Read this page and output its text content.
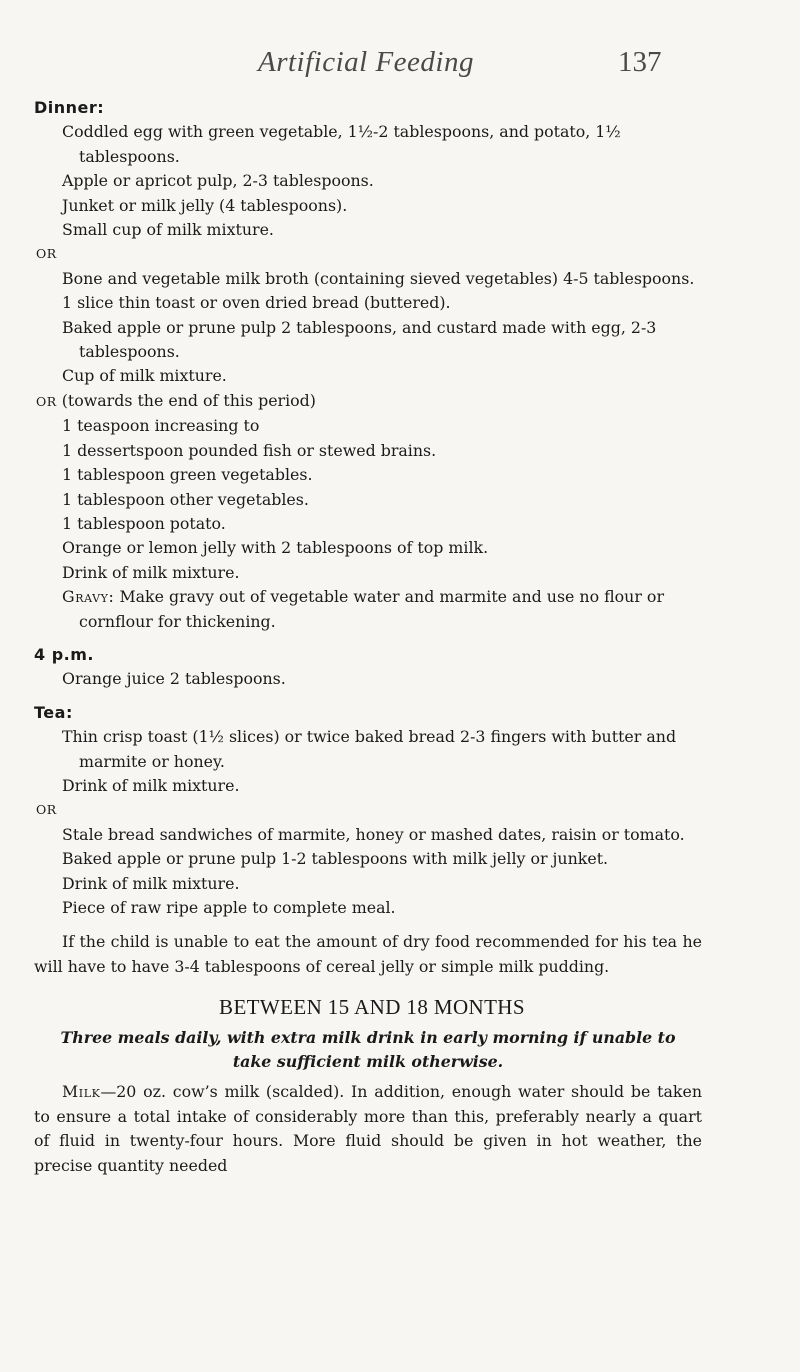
Artificial Feeding	137
Dinner:
Coddled egg with green vegetable, 1½-2 tablespoons, and potato, 1½ tablespoons.
Apple or apricot pulp, 2-3 tablespoons.
Junket or milk jelly (4 tablespoons).
Small cup of milk mixture.
OR
Bone and vegetable milk broth (containing sieved vegetables) 4-5 tablespoons.
1 slice thin toast or oven dried bread (buttered).
Baked apple or prune pulp 2 tablespoons, and custard made with egg, 2-3 tablespoons.
Cup of milk mixture.
OR (towards the end of this period)
1 teaspoon increasing to
1 dessertspoon pounded fish or stewed brains.
1 tablespoon green vegetables.
1 tablespoon other vegetables.
1 tablespoon potato.
Orange or lemon jelly with 2 tablespoons of top milk.
Drink of milk mixture.
Gravy: Make gravy out of vegetable water and marmite and use no flour or cornflour for thickening.
4 p.m.
Orange juice 2 tablespoons.
Tea:
Thin crisp toast (1½ slices) or twice baked bread 2-3 fingers with butter and marmite or honey.
Drink of milk mixture.
OR
Stale bread sandwiches of marmite, honey or mashed dates, raisin or tomato.
Baked apple or prune pulp 1-2 tablespoons with milk jelly or junket.
Drink of milk mixture.
Piece of raw ripe apple to complete meal.
If the child is unable to eat the amount of dry food recommended for his tea he will have to have 3-4 tablespoons of cereal jelly or simple milk pudding.
BETWEEN 15 AND 18 MONTHS
Three meals daily, with extra milk drink in early morning if unable to take sufficient milk otherwise.
Milk—20 oz. cow’s milk (scalded). In addition, enough water should be taken to ensure a total intake of considerably more than this, preferably nearly a quart of fluid in twenty-four hours. More fluid should be given in hot weather, the precise quantity needed
